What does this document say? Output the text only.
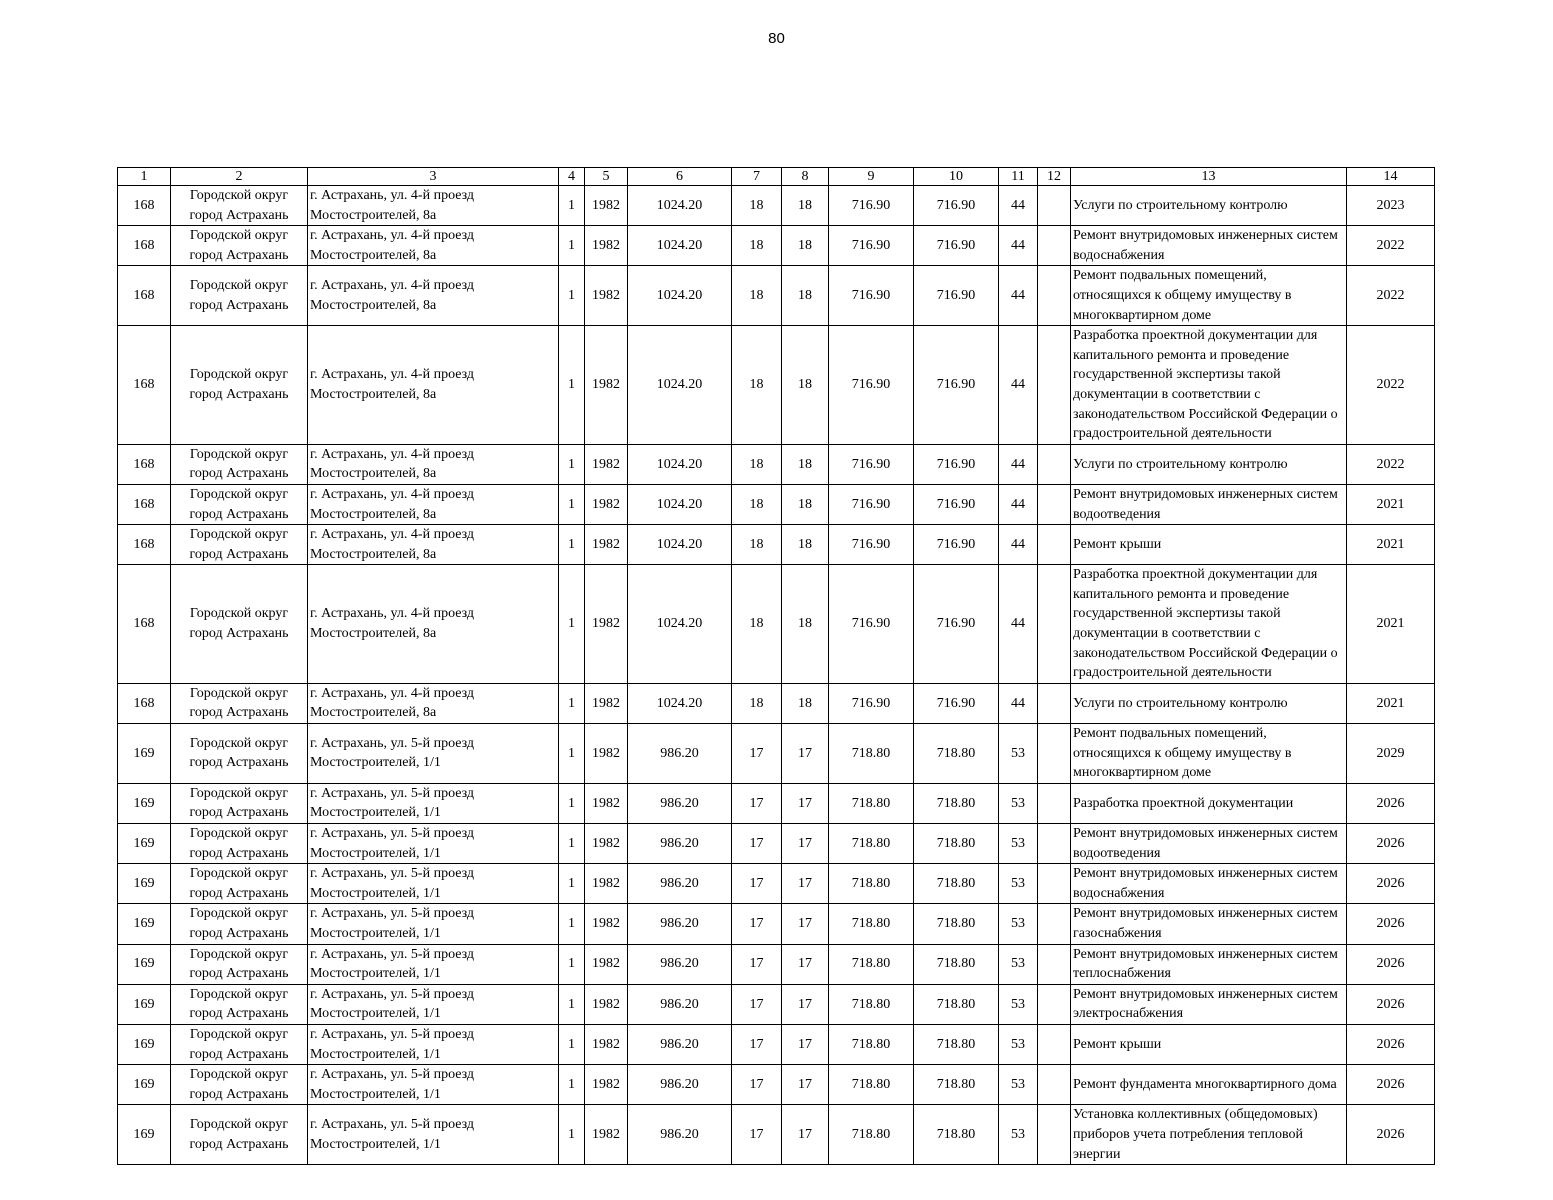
80
1	2	3	4	5	6	7	8	9	10	11	12	13	14
168	Городской округ город Астрахань	г. Астрахань, ул. 4-й проезд Мостостроителей, 8а	1	1982	1024.20	18	18	716.90	716.90	44		Услуги по строительному контролю	2023
168	Городской округ город Астрахань	г. Астрахань, ул. 4-й проезд Мостостроителей, 8а	1	1982	1024.20	18	18	716.90	716.90	44		Ремонт внутридомовых инженерных систем водоснабжения	2022
168	Городской округ город Астрахань	г. Астрахань, ул. 4-й проезд Мостостроителей, 8а	1	1982	1024.20	18	18	716.90	716.90	44		Ремонт подвальных помещений, относящихся к общему имуществу в многоквартирном доме	2022
168	Городской округ город Астрахань	г. Астрахань, ул. 4-й проезд Мостостроителей, 8а	1	1982	1024.20	18	18	716.90	716.90	44		Разработка проектной документации для капитального ремонта и проведение государственной экспертизы такой документации в соответствии с законодательством Российской Федерации о градостроительной деятельности	2022
168	Городской округ город Астрахань	г. Астрахань, ул. 4-й проезд Мостостроителей, 8а	1	1982	1024.20	18	18	716.90	716.90	44		Услуги по строительному контролю	2022
168	Городской округ город Астрахань	г. Астрахань, ул. 4-й проезд Мостостроителей, 8а	1	1982	1024.20	18	18	716.90	716.90	44		Ремонт внутридомовых инженерных систем водоотведения	2021
168	Городской округ город Астрахань	г. Астрахань, ул. 4-й проезд Мостостроителей, 8а	1	1982	1024.20	18	18	716.90	716.90	44		Ремонт крыши	2021
168	Городской округ город Астрахань	г. Астрахань, ул. 4-й проезд Мостостроителей, 8а	1	1982	1024.20	18	18	716.90	716.90	44		Разработка проектной документации для капитального ремонта и проведение государственной экспертизы такой документации в соответствии с законодательством Российской Федерации о градостроительной деятельности	2021
168	Городской округ город Астрахань	г. Астрахань, ул. 4-й проезд Мостостроителей, 8а	1	1982	1024.20	18	18	716.90	716.90	44		Услуги по строительному контролю	2021
169	Городской округ город Астрахань	г. Астрахань, ул. 5-й проезд Мостостроителей, 1/1	1	1982	986.20	17	17	718.80	718.80	53		Ремонт подвальных помещений, относящихся к общему имуществу в многоквартирном доме	2029
169	Городской округ город Астрахань	г. Астрахань, ул. 5-й проезд Мостостроителей, 1/1	1	1982	986.20	17	17	718.80	718.80	53		Разработка проектной документации	2026
169	Городской округ город Астрахань	г. Астрахань, ул. 5-й проезд Мостостроителей, 1/1	1	1982	986.20	17	17	718.80	718.80	53		Ремонт внутридомовых инженерных систем водоотведения	2026
169	Городской округ город Астрахань	г. Астрахань, ул. 5-й проезд Мостостроителей, 1/1	1	1982	986.20	17	17	718.80	718.80	53		Ремонт внутридомовых инженерных систем водоснабжения	2026
169	Городской округ город Астрахань	г. Астрахань, ул. 5-й проезд Мостостроителей, 1/1	1	1982	986.20	17	17	718.80	718.80	53		Ремонт внутридомовых инженерных систем газоснабжения	2026
169	Городской округ город Астрахань	г. Астрахань, ул. 5-й проезд Мостостроителей, 1/1	1	1982	986.20	17	17	718.80	718.80	53		Ремонт внутридомовых инженерных систем теплоснабжения	2026
169	Городской округ город Астрахань	г. Астрахань, ул. 5-й проезд Мостостроителей, 1/1	1	1982	986.20	17	17	718.80	718.80	53		Ремонт внутридомовых инженерных систем электроснабжения	2026
169	Городской округ город Астрахань	г. Астрахань, ул. 5-й проезд Мостостроителей, 1/1	1	1982	986.20	17	17	718.80	718.80	53		Ремонт крыши	2026
169	Городской округ город Астрахань	г. Астрахань, ул. 5-й проезд Мостостроителей, 1/1	1	1982	986.20	17	17	718.80	718.80	53		Ремонт фундамента многоквартирного дома	2026
169	Городской округ город Астрахань	г. Астрахань, ул. 5-й проезд Мостостроителей, 1/1	1	1982	986.20	17	17	718.80	718.80	53		Установка коллективных (общедомовых) приборов учета потребления тепловой энергии	2026
